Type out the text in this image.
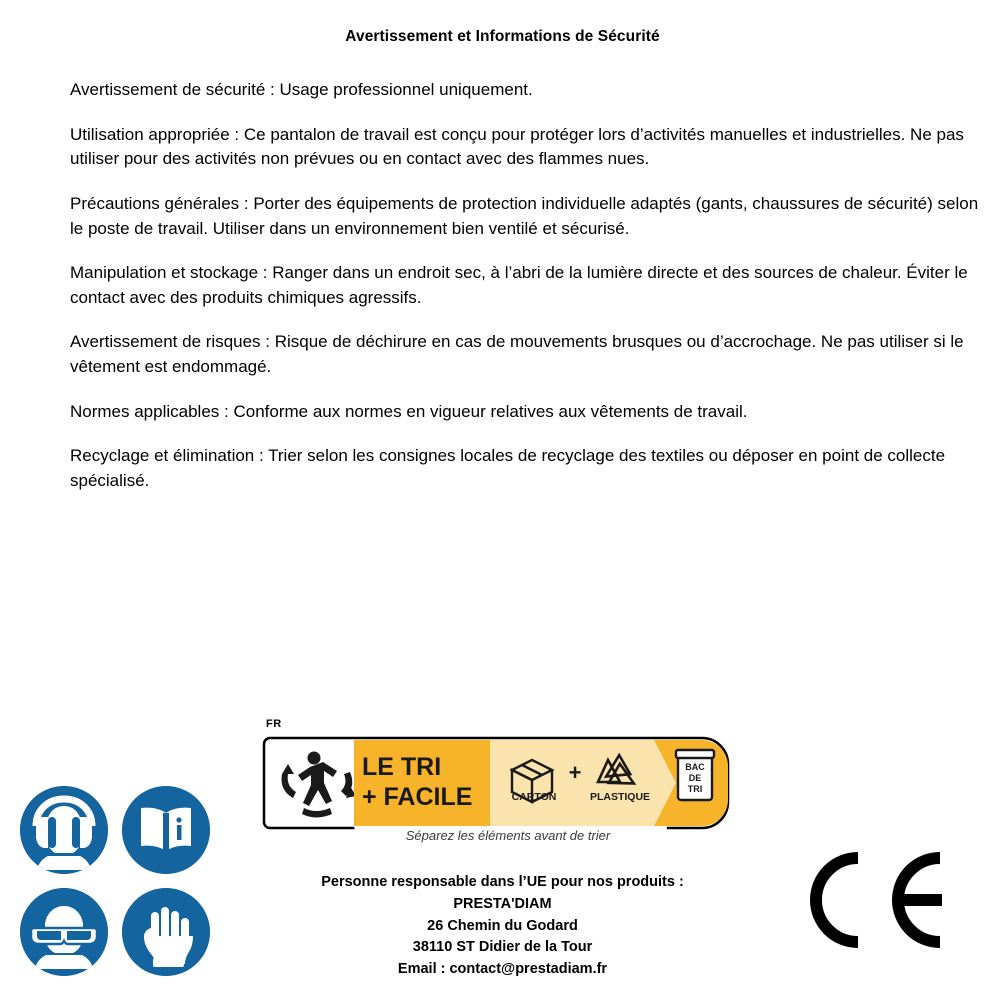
Avertissement et Informations de Sécurité

Avertissement de sécurité : Usage professionnel uniquement.

Utilisation appropriée : Ce pantalon de travail est conçu pour protéger lors d’activités manuelles et industrielles. Ne pas utiliser pour des activités non prévues ou en contact avec des flammes nues.

Précautions générales : Porter des équipements de protection individuelle adaptés (gants, chaussures de sécurité) selon le poste de travail. Utiliser dans un environnement bien ventilé et sécurisé.

Manipulation et stockage : Ranger dans un endroit sec, à l’abri de la lumière directe et des sources de chaleur. Éviter le contact avec des produits chimiques agressifs.

Avertissement de risques : Risque de déchirure en cas de mouvements brusques ou d’accrochage. Ne pas utiliser si le vêtement est endommagé.

Normes applicables : Conforme aux normes en vigueur relatives aux vêtements de travail.

Recyclage et élimination : Trier selon les consignes locales de recyclage des textiles ou déposer en point de collecte spécialisé.

FR
LE TRI
+ FACILE	CARTON
+
PLASTIQUE
BAC
DE
TRI
Séparez les éléments avant de trier
Personne responsable dans l’UE pour nos produits :
PRESTA'DIAM
26 Chemin du Godard
38110 ST Didier de la Tour
Email : contact@prestadiam.fr
